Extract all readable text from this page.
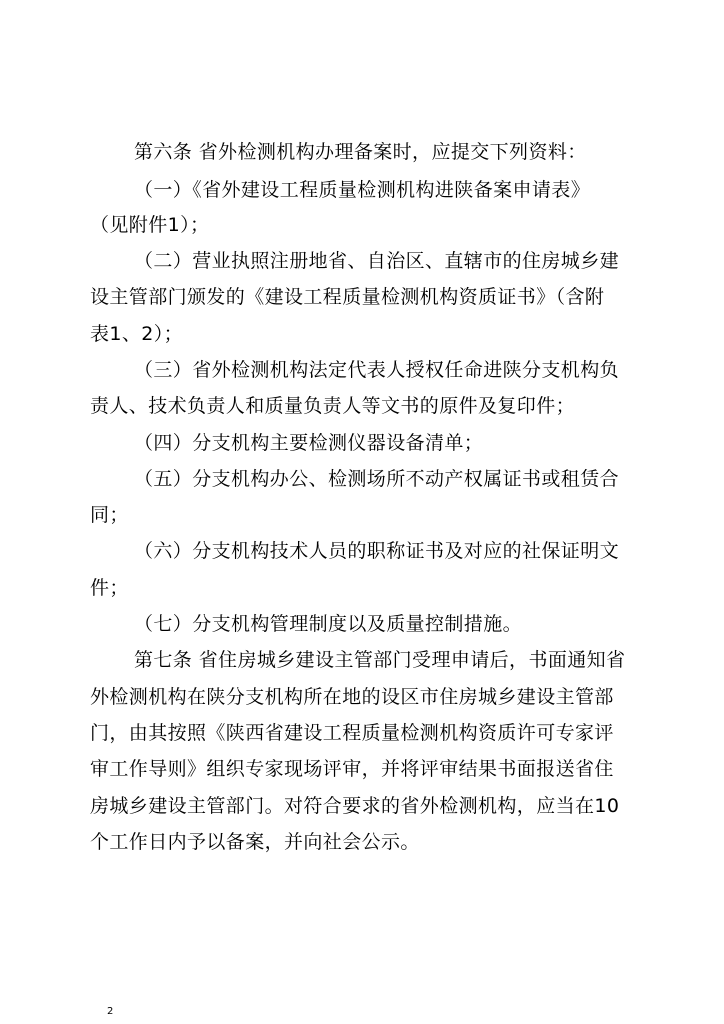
第六条 省外检测机构办理备案时，应提交下列资料：
（一）《省外建设工程质量检测机构进陕备案申请表》
（见附件1）；
（二）营业执照注册地省、自治区、直辖市的住房城乡建
设主管部门颁发的《建设工程质量检测机构资质证书》（含附
表1、2）；
（三）省外检测机构法定代表人授权任命进陕分支机构负
责人、技术负责人和质量负责人等文书的原件及复印件；
（四）分支机构主要检测仪器设备清单；
（五）分支机构办公、检测场所不动产权属证书或租赁合
同；
（六）分支机构技术人员的职称证书及对应的社保证明文
件；
（七）分支机构管理制度以及质量控制措施。
第七条 省住房城乡建设主管部门受理申请后，书面通知省
外检测机构在陕分支机构所在地的设区市住房城乡建设主管部
门，由其按照《陕西省建设工程质量检测机构资质许可专家评
审工作导则》组织专家现场评审，并将评审结果书面报送省住
房城乡建设主管部门。对符合要求的省外检测机构，应当在10
个工作日内予以备案，并向社会公示。
2
